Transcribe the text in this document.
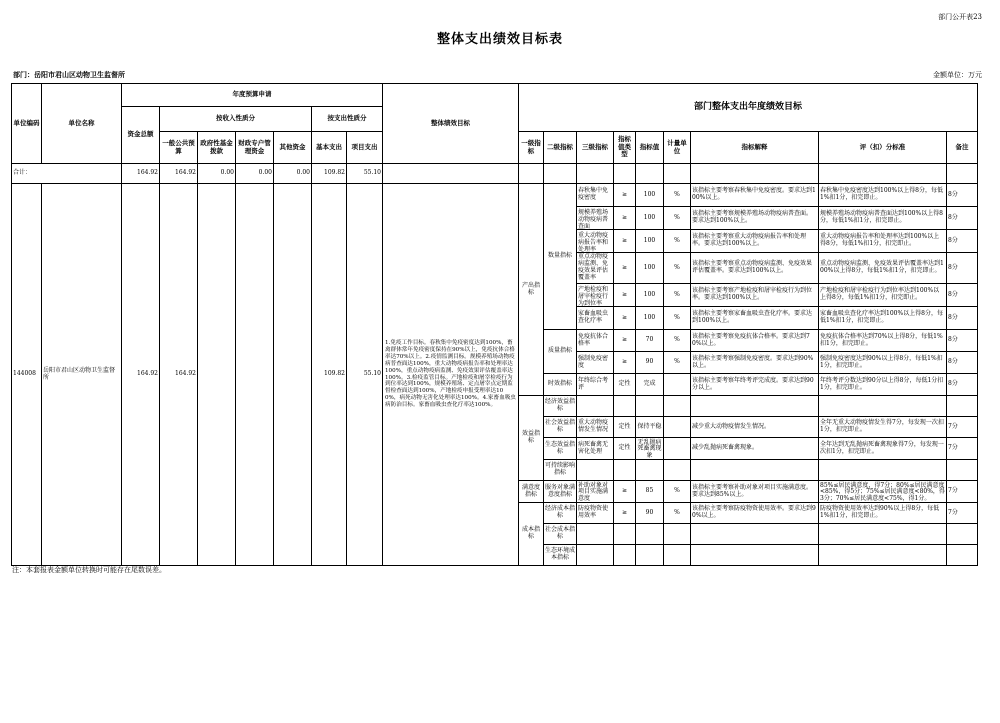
部门公开表23
整体支出绩效目标表
部门：岳阳市君山区动物卫生监督所	金额单位：万元
单位编码	单位名称	年度预算申请							整体绩效目标	部门整体支出年度绩效目标								
		资金总额	按收入性质分				按支出性质分											
			一般公共预算	政府性基金拨款	财政专户管理资金	其他资金	基本支出	项目支出		一级指标	二级指标	三级指标	指标值类型	指标值	计量单位	指标解释	评（扣）分标准	备注
合计：		164.92	164.92	0.00	0.00	0.00	109.82	55.10										
144008	岳阳市君山区动物卫生监督所	164.92	164.92				109.82	55.10	1.免疫工作目标。春秋集中免疫密度达到100%，畜禽群体常年免疫密度保持在90%以上，免疫抗体合格率达70%以上。2.疫情监测目标。规模养殖场动物疫病普查面达100%，重大动物疫病报告率和处理率达100%，重点动物疫病监测、免疫效果评估覆盖率达100%。3.检疫监管目标。产地检疫和屠宰检疫行为到位率达到100%，规模养殖场、定点屠宰点定期监督检查面达到100%，产地检疫申报受理率达100%，病死动物无害化处理率达100%。4.家畜血吸虫病防治目标。家畜血吸虫查化疗率达100%。	产出指标	数量指标	春秋集中免疫密度	≥	100	%	该指标主要考察春秋集中免疫密度。要求达到100%以上。	春秋集中免疫密度达到100%以上得8分，每低1%扣1分，扣完即止。	8分

												规模养殖场动物疫病普查面	≥	100	%	该指标主要考察规模养殖场动物疫病普查面。要求达到100%以上。	规模养殖场动物疫病普查面达到100%以上得8分，每低1%扣1分，扣完即止。	8分

												重大动物疫病报告率和处理率	≥	100	%	该指标主要考察重大动物疫病报告率和处理率。要求达到100%以上。	重大动物疫病报告率和处理率达到100%以上得8分，每低1%扣1分，扣完即止。	8分

												重点动物疫病监测、免疫效果评估覆盖率	≥	100	%	该指标主要考察重点动物疫病监测、免疫效果评估覆盖率。要求达到100%以上。	重点动物疫病监测、免疫效果评估覆盖率达到100%以上得8分，每低1%扣1分，扣完即止。	8分

												产地检疫和屠宰检疫行为到位率	≥	100	%	该指标主要考察产地检疫和屠宰检疫行为到位率。要求达到100%以上。	产地检疫和屠宰检疫行为到位率达到100%以上得8分，每低1%扣1分，扣完即止。	8分

												家畜血吸虫查化疗率	≥	100	%	该指标主要考察家畜血吸虫查化疗率。要求达到100%以上。	家畜血吸虫查化疗率达到100%以上得8分，每低1%扣1分，扣完即止。	8分
											质量指标	免疫抗体合格率	≥	70	%	该指标主要考察免疫抗体合格率。要求达到70%以上。	免疫抗体合格率达到70%以上得8分，每低1%扣1分，扣完即止。	8分

												强制免疫密度	≥	90	%	该指标主要考察强制免疫密度。要求达到90%以上。	强制免疫密度达到90%以上得8分，每低1%扣1分，扣完即止。	8分
											时效指标	年终综合考评	定性	完成		该指标主要考察年终考评完成度。要求达到90分以上。	年终考评分数达到90分以上得8分，每低1分扣1分，扣完即止。	8分
										效益指标	经济效益指标							
											社会效益指标	重大动物疫情发生情况	定性	保持平稳		减少重大动物疫情发生情况。	全年无重大动物疫情发生得7分，每发现一次扣1分，扣完即止。	7分
											生态效益指标	病死畜禽无害化处理	定性	无乱抛病死畜禽现象		减少乱抛病死畜禽现象。	全年达到无乱抛病死畜禽现象得7分，每发现一次扣1分，扣完即止。	7分
											可持续影响指标							
										满意度指标	服务对象满意度指标	补助对象对项目实施满意度	≥	85	%	该指标主要考察补助对象对项目实施满意度。要求达到85%以上。	85%≤居民满意度，得7分；80%≤居民满意度<85%，得5分；75%≤居民满意度<80%，得3分；70%≤居民满意度<75%，得1分。	7分
										成本指标	经济成本指标	防疫物资使用效率	≥	90	%	该指标主要考察防疫物资使用效率。要求达到90%以上。	防疫物资使用效率达到90%以上得8分，每低1%扣1分，扣完即止。	7分
											社会成本指标							
											生态环境成本指标							
注：本套报表金额单位转换时可能存在尾数误差。
